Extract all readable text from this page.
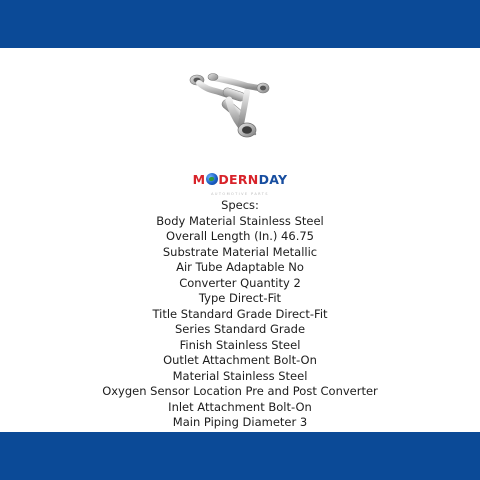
M DERNDAY
AUTOMOTIVE PARTS
Specs:
Body Material Stainless Steel
Overall Length (In.) 46.75
Substrate Material Metallic
Air Tube Adaptable No
Converter Quantity 2
Type Direct-Fit
Title Standard Grade Direct-Fit
Series Standard Grade
Finish Stainless Steel
Outlet Attachment Bolt-On
Material Stainless Steel
Oxygen Sensor Location Pre and Post Converter
Inlet Attachment Bolt-On
Main Piping Diameter 3
